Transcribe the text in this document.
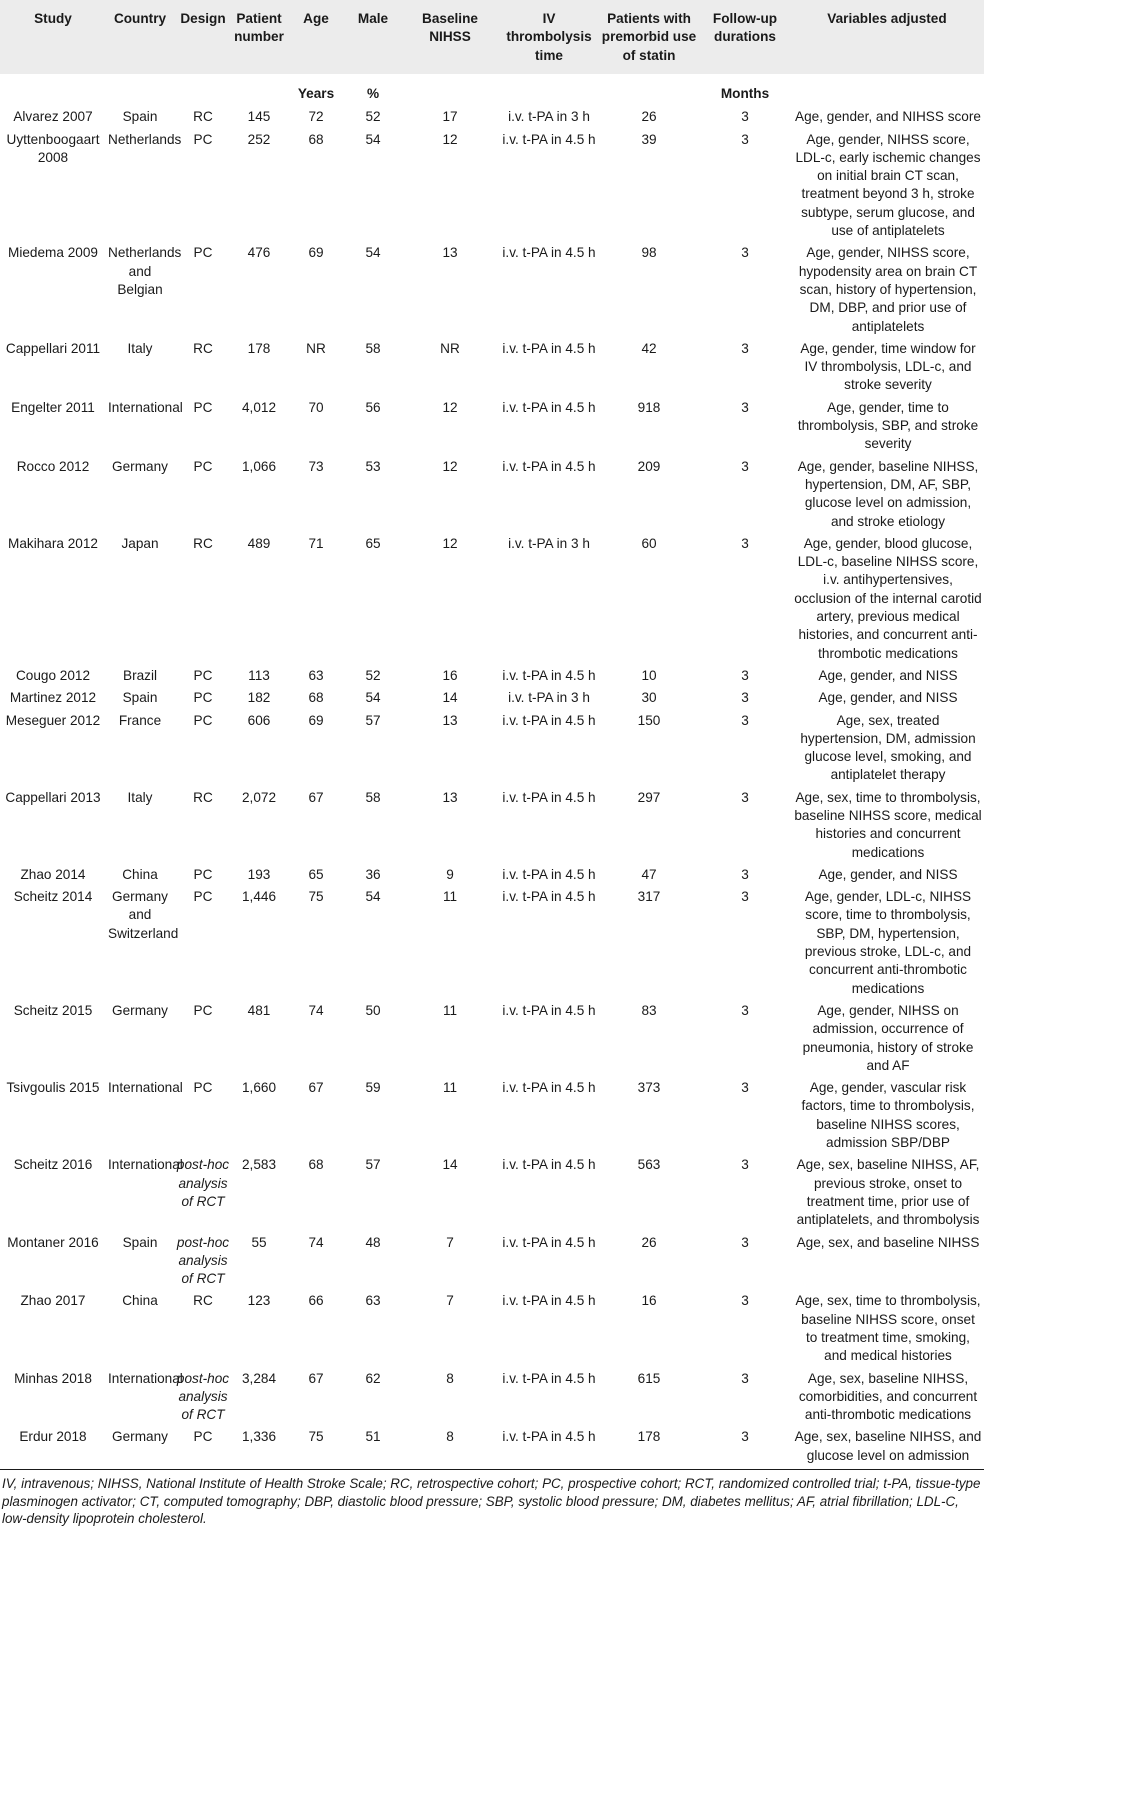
Study	Country	Design	Patient number	Age	Male	Baseline NIHSS	IV thrombolysis time	Patients with premorbid use of statin	Follow-up durations	Variables adjusted
				Years	%				Months	
Alvarez 2007	Spain	RC	145	72	52	17	i.v. t-PA in 3 h	26	3	Age, gender, and NIHSS score
Uyttenboogaart 2008	Netherlands	PC	252	68	54	12	i.v. t-PA in 4.5 h	39	3	Age, gender, NIHSS score, LDL-c, early ischemic changes on initial brain CT scan, treatment beyond 3 h, stroke subtype, serum glucose, and use of antiplatelets
Miedema 2009	Netherlands and Belgian	PC	476	69	54	13	i.v. t-PA in 4.5 h	98	3	Age, gender, NIHSS score, hypodensity area on brain CT scan, history of hypertension, DM, DBP, and prior use of antiplatelets
Cappellari 2011	Italy	RC	178	NR	58	NR	i.v. t-PA in 4.5 h	42	3	Age, gender, time window for IV thrombolysis, LDL-c, and stroke severity
Engelter 2011	International	PC	4,012	70	56	12	i.v. t-PA in 4.5 h	918	3	Age, gender, time to thrombolysis, SBP, and stroke severity
Rocco 2012	Germany	PC	1,066	73	53	12	i.v. t-PA in 4.5 h	209	3	Age, gender, baseline NIHSS, hypertension, DM, AF, SBP, glucose level on admission, and stroke etiology
Makihara 2012	Japan	RC	489	71	65	12	i.v. t-PA in 3 h	60	3	Age, gender, blood glucose, LDL-c, baseline NIHSS score, i.v. antihypertensives, occlusion of the internal carotid artery, previous medical histories, and concurrent anti-thrombotic medications
Cougo 2012	Brazil	PC	113	63	52	16	i.v. t-PA in 4.5 h	10	3	Age, gender, and NISS
Martinez 2012	Spain	PC	182	68	54	14	i.v. t-PA in 3 h	30	3	Age, gender, and NISS
Meseguer 2012	France	PC	606	69	57	13	i.v. t-PA in 4.5 h	150	3	Age, sex, treated hypertension, DM, admission glucose level, smoking, and antiplatelet therapy
Cappellari 2013	Italy	RC	2,072	67	58	13	i.v. t-PA in 4.5 h	297	3	Age, sex, time to thrombolysis, baseline NIHSS score, medical histories and concurrent medications
Zhao 2014	China	PC	193	65	36	9	i.v. t-PA in 4.5 h	47	3	Age, gender, and NISS
Scheitz 2014	Germany and Switzerland	PC	1,446	75	54	11	i.v. t-PA in 4.5 h	317	3	Age, gender, LDL-c, NIHSS score, time to thrombolysis, SBP, DM, hypertension, previous stroke, LDL-c, and concurrent anti-thrombotic medications
Scheitz 2015	Germany	PC	481	74	50	11	i.v. t-PA in 4.5 h	83	3	Age, gender, NIHSS on admission, occurrence of pneumonia, history of stroke and AF
Tsivgoulis 2015	International	PC	1,660	67	59	11	i.v. t-PA in 4.5 h	373	3	Age, gender, vascular risk factors, time to thrombolysis, baseline NIHSS scores, admission SBP/DBP
Scheitz 2016	International	post-hoc analysis of RCT	2,583	68	57	14	i.v. t-PA in 4.5 h	563	3	Age, sex, baseline NIHSS, AF, previous stroke, onset to treatment time, prior use of antiplatelets, and thrombolysis
Montaner 2016	Spain	post-hoc analysis of RCT	55	74	48	7	i.v. t-PA in 4.5 h	26	3	Age, sex, and baseline NIHSS
Zhao 2017	China	RC	123	66	63	7	i.v. t-PA in 4.5 h	16	3	Age, sex, time to thrombolysis, baseline NIHSS score, onset to treatment time, smoking, and medical histories
Minhas 2018	International	post-hoc analysis of RCT	3,284	67	62	8	i.v. t-PA in 4.5 h	615	3	Age, sex, baseline NIHSS, comorbidities, and concurrent anti-thrombotic medications
Erdur 2018	Germany	PC	1,336	75	51	8	i.v. t-PA in 4.5 h	178	3	Age, sex, baseline NIHSS, and glucose level on admission

IV, intravenous; NIHSS, National Institute of Health Stroke Scale; RC, retrospective cohort; PC, prospective cohort; RCT, randomized controlled trial; t-PA, tissue-type plasminogen activator; CT, computed tomography; DBP, diastolic blood pressure; SBP, systolic blood pressure; DM, diabetes mellitus; AF, atrial fibrillation; LDL-C, low-density lipoprotein cholesterol.
